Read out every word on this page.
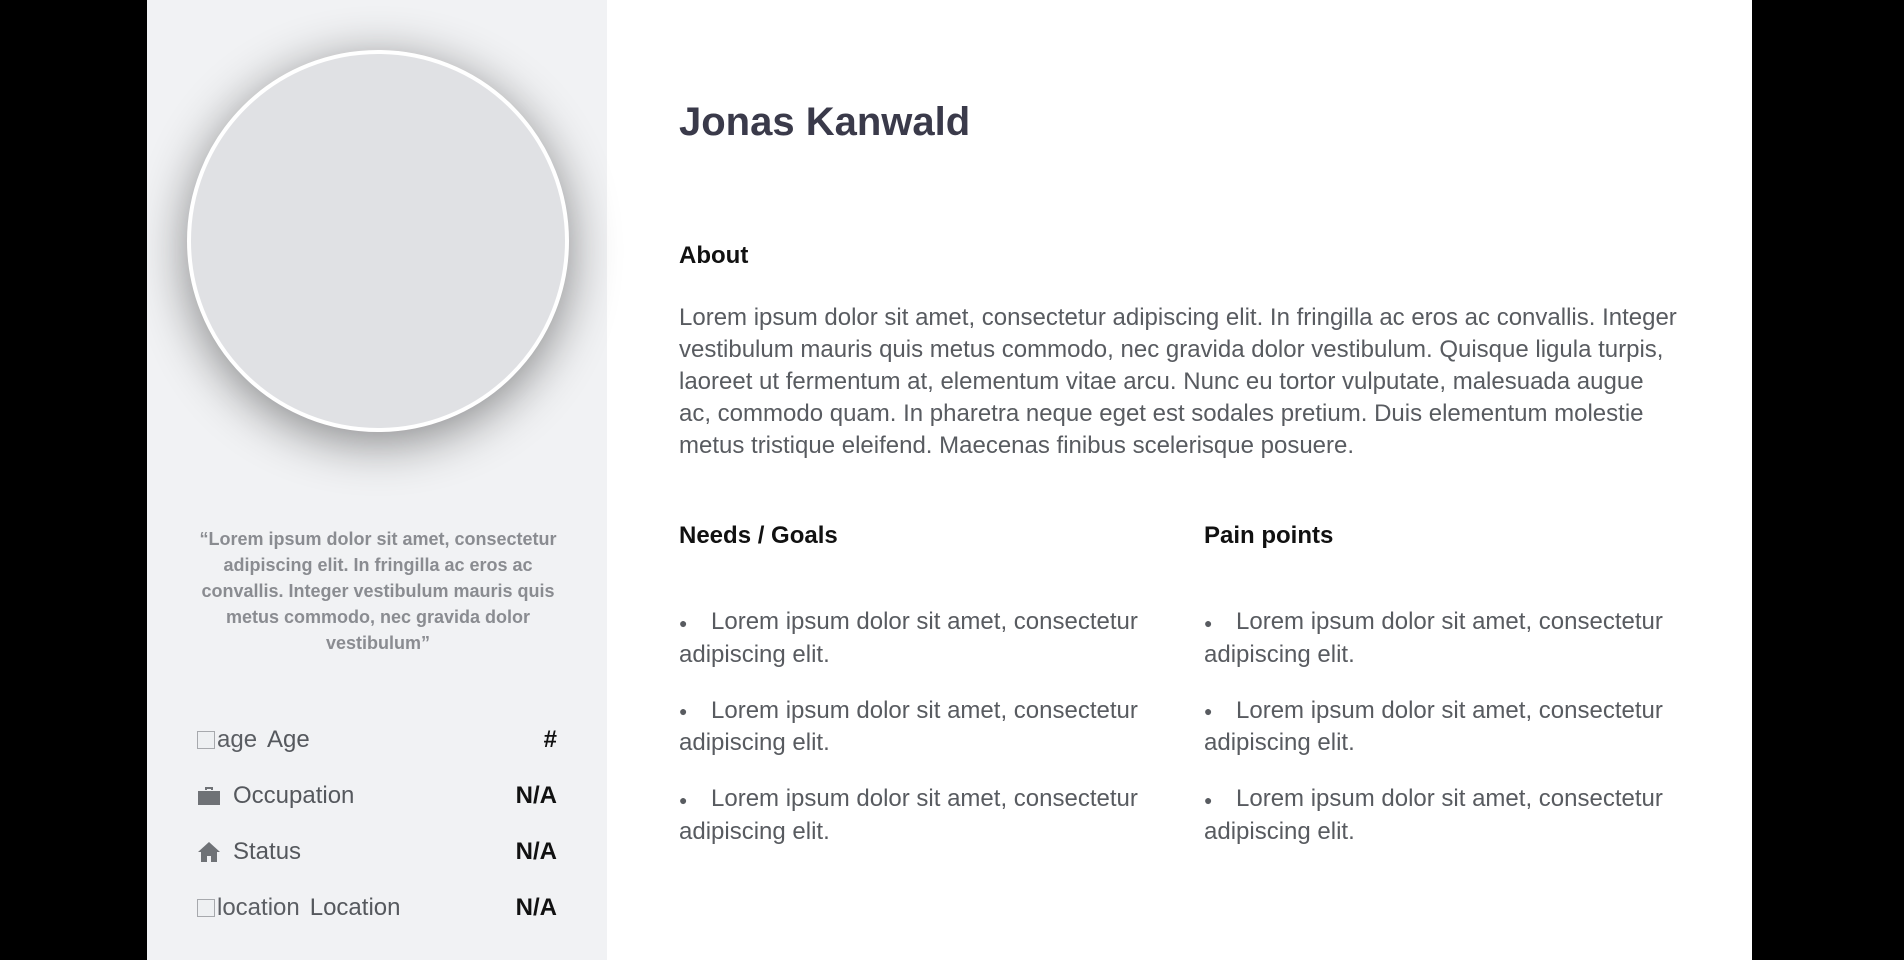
“Lorem ipsum dolor sit amet, consectetur adipiscing elit. In fringilla ac eros ac convallis. Integer vestibulum mauris quis metus commodo, nec gravida dolor vestibulum”

age Age	#
Occupation	N/A
Status	N/A
location Location	N/A
Jonas Kanwald
About

Lorem ipsum dolor sit amet, consectetur adipiscing elit. In fringilla ac eros ac convallis. Integer vestibulum mauris quis metus commodo, nec gravida dolor vestibulum. Quisque ligula turpis, laoreet ut fermentum at, elementum vitae arcu. Nunc eu tortor vulputate, malesuada augue ac, commodo quam. In pharetra neque eget est sodales pretium. Duis elementum molestie metus tristique eleifend. Maecenas finibus scelerisque posuere.

Needs / Goals
● Lorem ipsum dolor sit amet, consectetur adipiscing elit.
● Lorem ipsum dolor sit amet, consectetur adipiscing elit.
● Lorem ipsum dolor sit amet, consectetur adipiscing elit.
Pain points
● Lorem ipsum dolor sit amet, consectetur adipiscing elit.
● Lorem ipsum dolor sit amet, consectetur adipiscing elit.
● Lorem ipsum dolor sit amet, consectetur adipiscing elit.
